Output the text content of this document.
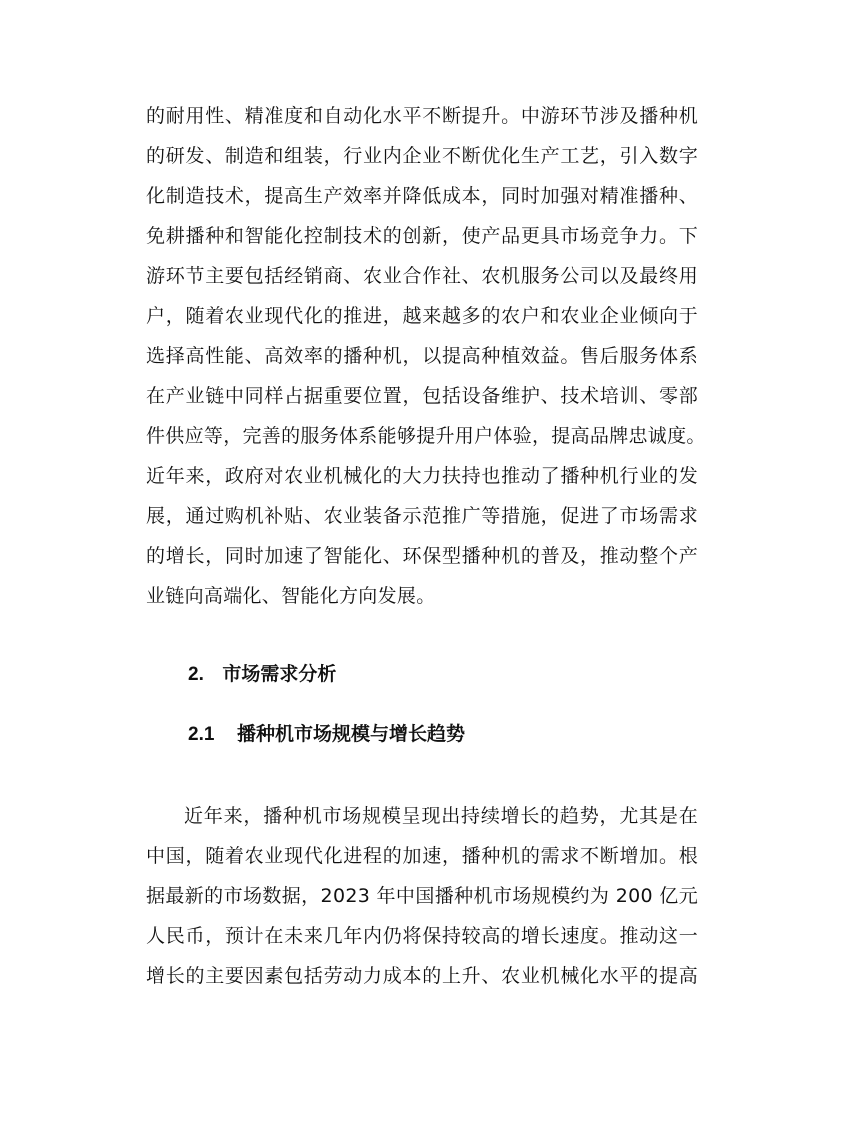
的耐用性、精准度和自动化水平不断提升。中游环节涉及播种机
的研发、制造和组装，行业内企业不断优化生产工艺，引入数字
化制造技术，提高生产效率并降低成本，同时加强对精准播种、
免耕播种和智能化控制技术的创新，使产品更具市场竞争力。下
游环节主要包括经销商、农业合作社、农机服务公司以及最终用
户，随着农业现代化的推进，越来越多的农户和农业企业倾向于
选择高性能、高效率的播种机，以提高种植效益。售后服务体系
在产业链中同样占据重要位置，包括设备维护、技术培训、零部
件供应等，完善的服务体系能够提升用户体验，提高品牌忠诚度。
近年来，政府对农业机械化的大力扶持也推动了播种机行业的发
展，通过购机补贴、农业装备示范推广等措施，促进了市场需求
的增长，同时加速了智能化、环保型播种机的普及，推动整个产
业链向高端化、智能化方向发展。
2. 市场需求分析
2.1 播种机市场规模与增长趋势
近年来，播种机市场规模呈现出持续增长的趋势，尤其是在
中国，随着农业现代化进程的加速，播种机的需求不断增加。根
据最新的市场数据，2023 年中国播种机市场规模约为 200 亿元
人民币，预计在未来几年内仍将保持较高的增长速度。推动这一
增长的主要因素包括劳动力成本的上升、农业机械化水平的提高
